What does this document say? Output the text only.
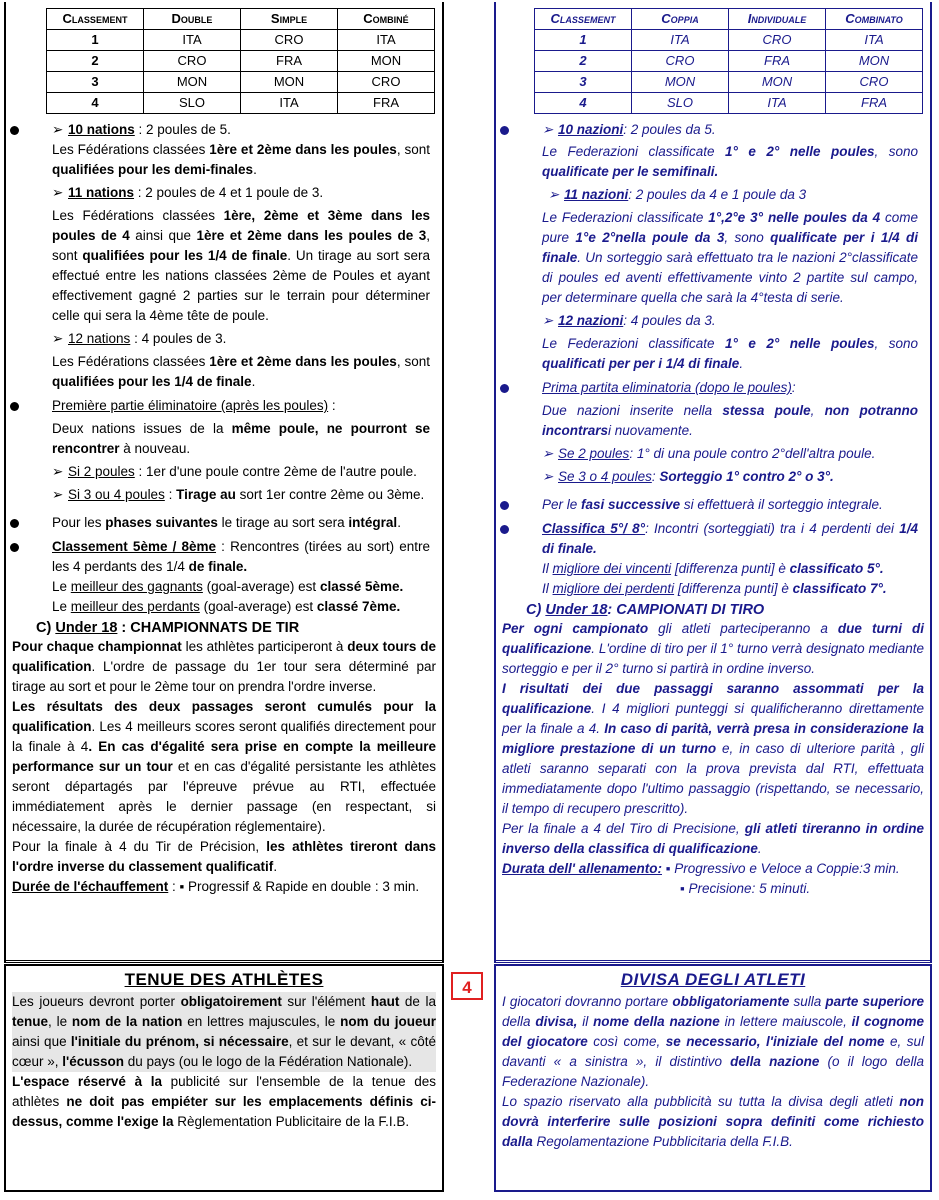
Classement	Double	Simple	Combiné
1	ITA	CRO	ITA
2	CRO	FRA	MON
3	MON	MON	CRO
4	SLO	ITA	FRA

➢ 10 nations : 2 poules de 5.

Les Fédérations classées 1ère et 2ème dans les poules, sont qualifiées pour les demi-finales.

➢ 11 nations : 2 poules de 4 et 1 poule de 3.

Les Fédérations classées 1ère, 2ème et 3ème dans les poules de 4 ainsi que 1ère et 2ème dans les poules de 3, sont qualifiées pour les 1/4 de finale. Un tirage au sort sera effectué entre les nations classées 2ème de Poules et ayant effectivement gagné 2 parties sur le terrain pour déterminer celle qui sera la 4ème tête de poule.

➢ 12 nations : 4 poules de 3.

Les Fédérations classées 1ère et 2ème dans les poules, sont qualifiées pour les 1/4 de finale.

Première partie éliminatoire (après les poules) :

Deux nations issues de la même poule, ne pourront se rencontrer à nouveau.

➢ Si 2 poules : 1er d'une poule contre 2ème de l'autre poule.

➢ Si 3 ou 4 poules : Tirage au sort 1er contre 2ème ou 3ème.

Pour les phases suivantes le tirage au sort sera intégral.

Classement 5ème / 8ème : Rencontres (tirées au sort) entre les 4 perdants des 1/4 de finale.

Le meilleur des gagnants (goal-average) est classé 5ème.

Le meilleur des perdants (goal-average) est classé 7ème.

C) Under 18 : CHAMPIONNATS DE TIR

Pour chaque championnat les athlètes participeront à deux tours de qualification. L'ordre de passage du 1er tour sera déterminé par tirage au sort et pour le 2ème tour on prendra l'ordre inverse.

Les résultats des deux passages seront cumulés pour la qualification. Les 4 meilleurs scores seront qualifiés directement pour la finale à 4. En cas d'égalité sera prise en compte la meilleure performance sur un tour et en cas d'égalité persistante les athlètes seront départagés par l'épreuve prévue au RTI, effectuée immédiatement après le dernier passage (en respectant, si nécessaire, la durée de récupération réglementaire).

Pour la finale à 4 du Tir de Précision, les athlètes tireront dans l'ordre inverse du classement qualificatif.

Durée de l'échauffement : ▪ Progressif & Rapide en double : 3 min.

Classement	Coppia	Individuale	Combinato
1	ITA	CRO	ITA
2	CRO	FRA	MON
3	MON	MON	CRO
4	SLO	ITA	FRA

➢ 10 nazioni: 2 poules da 5.

Le Federazioni classificate 1° e 2° nelle poules, sono qualificate per le semifinali.

➢ 11 nazioni: 2 poules da 4 e 1 poule da 3

Le Federazioni classificate 1°,2°e 3° nelle poules da 4 come pure 1°e 2°nella poule da 3, sono qualificate per i 1/4 di finale. Un sorteggio sarà effettuato tra le nazioni 2°classificate di poules ed aventi effettivamente vinto 2 partite sul campo, per determinare quella che sarà la 4°testa di serie.

➢ 12 nazioni: 4 poules da 3.

Le Federazioni classificate 1° e 2° nelle poules, sono qualificati per per i 1/4 di finale.

Prima partita eliminatoria (dopo le poules):

Due nazioni inserite nella stessa poule, non potranno incontrarsi nuovamente.

➢ Se 2 poules: 1° di una poule contro 2°dell'altra poule.

➢ Se 3 o 4 poules: Sorteggio 1° contro 2° o 3°.

Per le fasi successive si effettuerà il sorteggio integrale.

Classifica 5°/ 8°: Incontri (sorteggiati) tra i 4 perdenti dei 1/4 di finale.

Il migliore dei vincenti [differenza punti] è classificato 5°.

Il migliore dei perdenti [differenza punti] è classificato 7°.

C) Under 18: CAMPIONATI DI TIRO

Per ogni campionato gli atleti parteciperanno a due turni di qualificazione. L'ordine di tiro per il 1° turno verrà designato mediante sorteggio e per il 2° turno si partirà in ordine inverso.

I risultati dei due passaggi saranno assommati per la qualificazione. I 4 migliori punteggi si qualificheranno direttamente per la finale a 4. In caso di parità, verrà presa in considerazione la migliore prestazione di un turno e, in caso di ulteriore parità , gli atleti saranno separati con la prova prevista dal RTI, effettuata immediatamente dopo l'ultimo passaggio (rispettando, se necessario, il tempo di recupero prescritto).

Per la finale a 4 del Tiro di Precisione, gli atleti tireranno in ordine inverso della classifica di qualificazione.

Durata dell' allenamento: ▪ Progressivo e Veloce a Coppie:3 min.

▪ Precisione: 5 minuti.

TENUE DES ATHLÈTES

Les joueurs devront porter obligatoirement sur l'élément haut de la tenue, le nom de la nation en lettres majuscules, le nom du joueur ainsi que l'initiale du prénom, si nécessaire, et sur le devant, « côté cœur », l'écusson du pays (ou le logo de la Fédération Nationale).

L'espace réservé à la publicité sur l'ensemble de la tenue des athlètes ne doit pas empiéter sur les emplacements définis ci-dessus, comme l'exige la Règlementation Publicitaire de la F.I.B.

4	DIVISA DEGLI ATLETI

I giocatori dovranno portare obbligatoriamente sulla parte superiore della divisa, il nome della nazione in lettere maiuscole, il cognome del giocatore così come, se necessario, l'iniziale del nome e, sul davanti « a sinistra », il distintivo della nazione (o il logo della Federazione Nazionale).

Lo spazio riservato alla pubblicità su tutta la divisa degli atleti non dovrà interferire sulle posizioni sopra definiti come richiesto dalla Regolamentazione Pubblicitaria della F.I.B.
